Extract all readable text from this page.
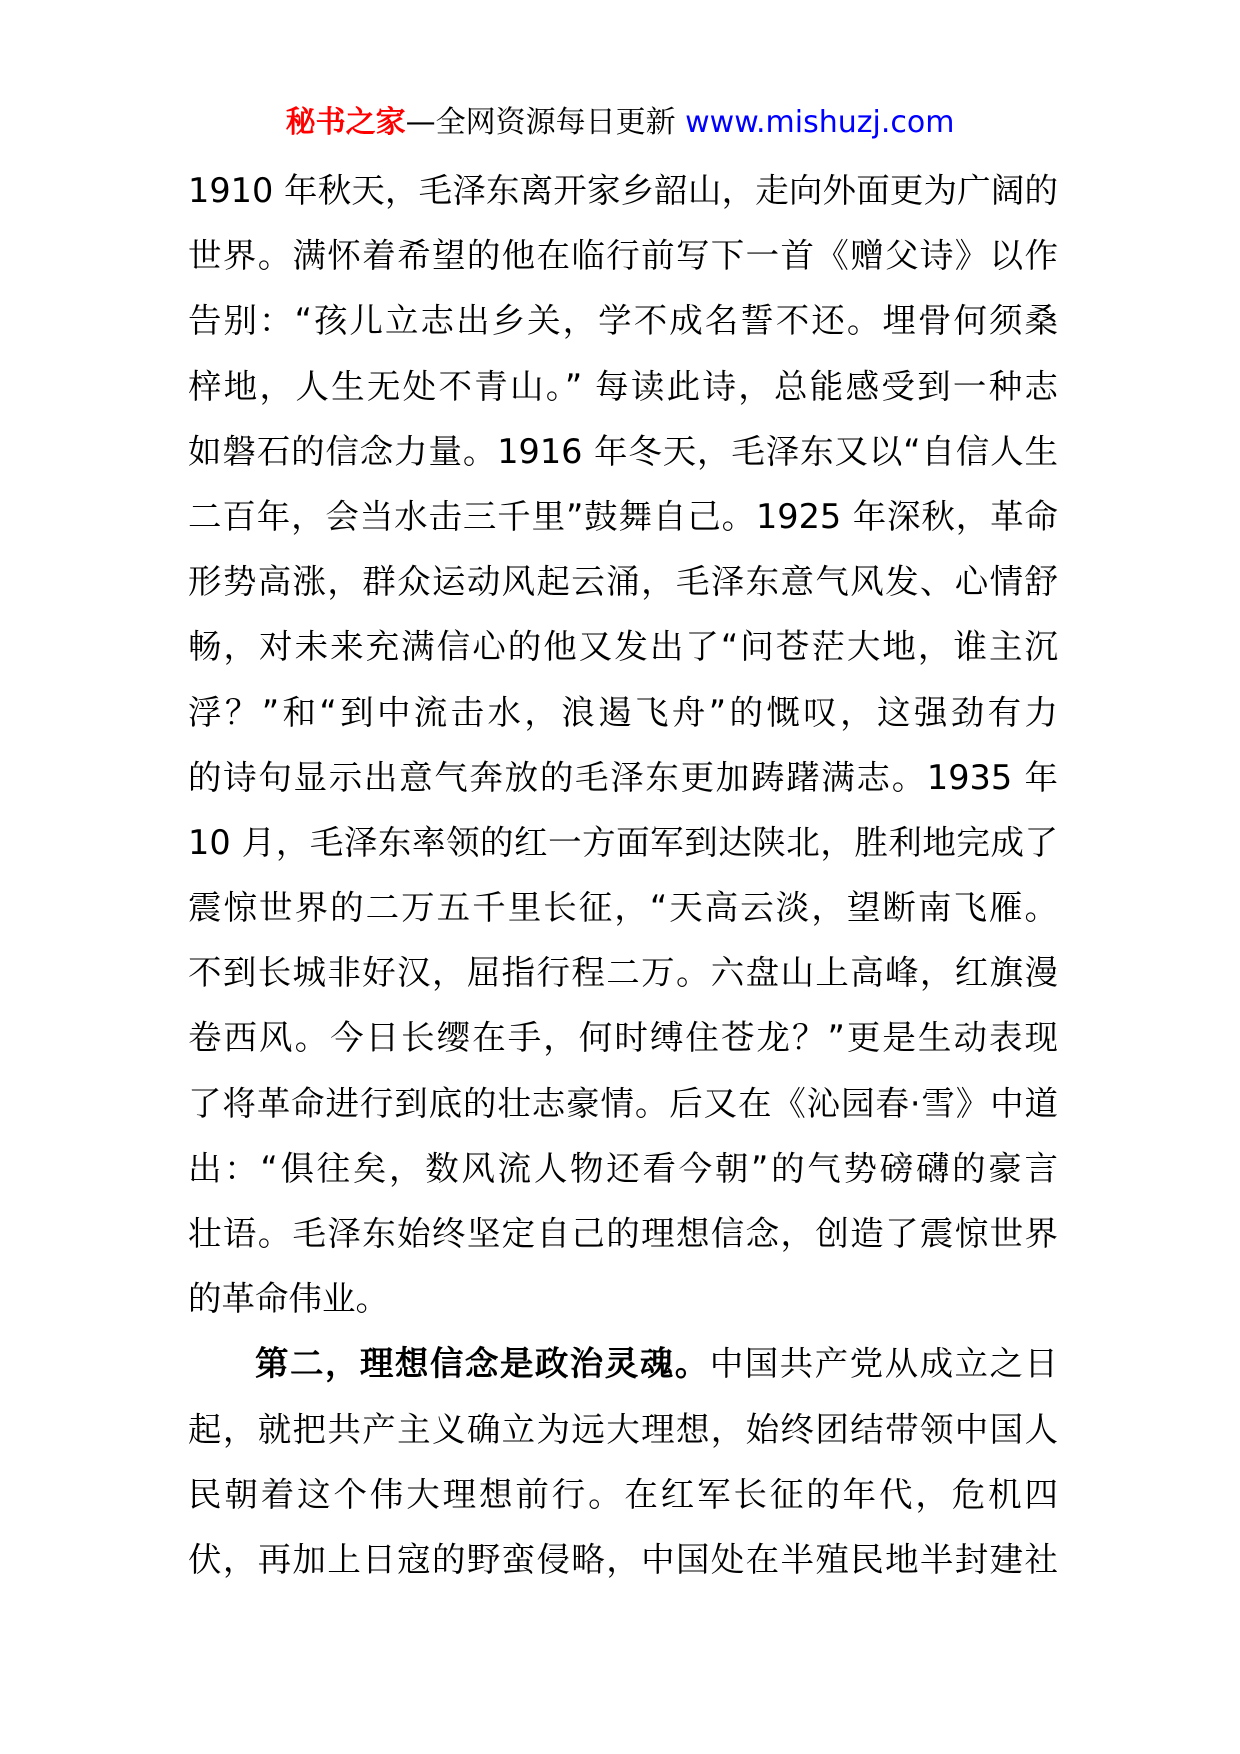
秘书之家—全网资源每日更新 www.mishuzj.com
1910 年秋天，毛泽东离开家乡韶山，走向外面更为广阔的
世界。满怀着希望的他在临行前写下一首《赠父诗》以作
告别：“孩儿立志出乡关，学不成名誓不还。埋骨何须桑
梓地，人生无处不青山。” 每读此诗，总能感受到一种志
如磐石的信念力量。1916 年冬天，毛泽东又以“自信人生
二百年，会当水击三千里”鼓舞自己。1925 年深秋，革命
形势高涨，群众运动风起云涌，毛泽东意气风发、心情舒
畅，对未来充满信心的他又发出了“问苍茫大地，谁主沉
浮？”和“到中流击水，浪遏飞舟”的慨叹，这强劲有力
的诗句显示出意气奔放的毛泽东更加踌躇满志。1935 年
10 月，毛泽东率领的红一方面军到达陕北，胜利地完成了
震惊世界的二万五千里长征，“天高云淡，望断南飞雁。
不到长城非好汉，屈指行程二万。六盘山上高峰，红旗漫
卷西风。今日长缨在手，何时缚住苍龙？”更是生动表现
了将革命进行到底的壮志豪情。后又在《沁园春·雪》中道
出：“俱往矣，数风流人物还看今朝”的气势磅礴的豪言
壮语。毛泽东始终坚定自己的理想信念，创造了震惊世界
的革命伟业。
第二，理想信念是政治灵魂。中国共产党从成立之日
起，就把共产主义确立为远大理想，始终团结带领中国人
民朝着这个伟大理想前行。在红军长征的年代，危机四
伏，再加上日寇的野蛮侵略，中国处在半殖民地半封建社
